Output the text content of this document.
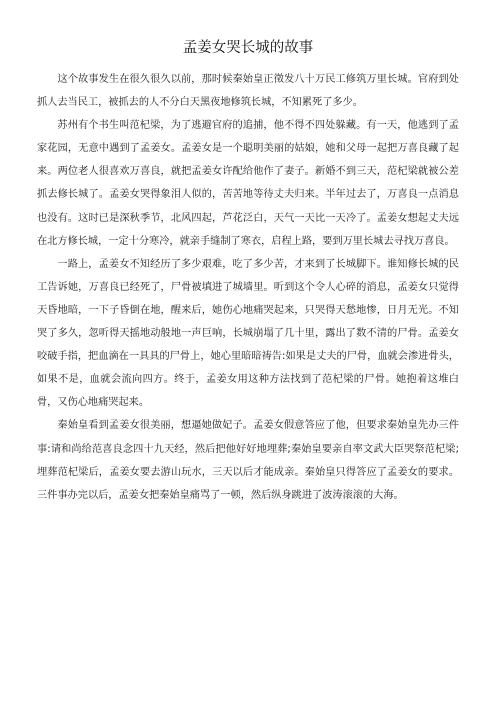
孟姜女哭长城的故事

这个故事发生在很久很久以前，那时候秦始皇正徵发八十万民工修筑万里长城。官府到处抓人去当民工，被抓去的人不分白天黑夜地修筑长城，不知累死了多少。

苏州有个书生叫范杞梁，为了逃避官府的追捕，他不得不四处躲藏。有一天，他逃到了孟家花园，无意中遇到了孟姜女。孟姜女是一个聪明美丽的姑娘，她和父母一起把万喜良藏了起来。两位老人很喜欢万喜良，就把孟姜女许配给他作了妻子。新婚不到三天，范杞梁就被公差抓去修长城了。孟姜女哭得象泪人似的，苦苦地等待丈夫归来。半年过去了，万喜良一点消息也没有。这时已是深秋季节，北风四起，芦花泛白，天气一天比一天冷了。孟姜女想起丈夫远在北方修长城，一定十分寒冷，就亲手缝制了寒衣，启程上路，要到万里长城去寻找万喜良。

一路上，孟姜女不知经历了多少艰难，吃了多少苦，才来到了长城脚下。谁知修长城的民工告诉她，万喜良已经死了，尸骨被填进了城墙里。听到这个令人心碎的消息，孟姜女只觉得天昏地暗，一下子昏倒在地，醒来后，她伤心地痛哭起来，只哭得天愁地惨，日月无光。不知哭了多久，忽听得天摇地动般地一声巨响，长城崩塌了几十里，露出了数不清的尸骨。孟姜女咬破手指，把血滴在一具具的尸骨上，她心里暗暗祷告:如果是丈夫的尸骨，血就会渗进骨头，如果不是，血就会流向四方。终于，孟姜女用这种方法找到了范杞梁的尸骨。她抱着这堆白骨，又伤心地痛哭起来。

秦始皇看到孟姜女很美丽，想逼她做妃子。孟姜女假意答应了他，但要求秦始皇先办三件事:请和尚给范喜良念四十九天经，然后把他好好地埋葬;秦始皇要亲自率文武大臣哭祭范杞梁;埋葬范杞梁后，孟姜女要去游山玩水，三天以后才能成亲。秦始皇只得答应了孟姜女的要求。三件事办完以后，孟姜女把秦始皇痛骂了一顿，然后纵身跳进了波涛滚滚的大海。
